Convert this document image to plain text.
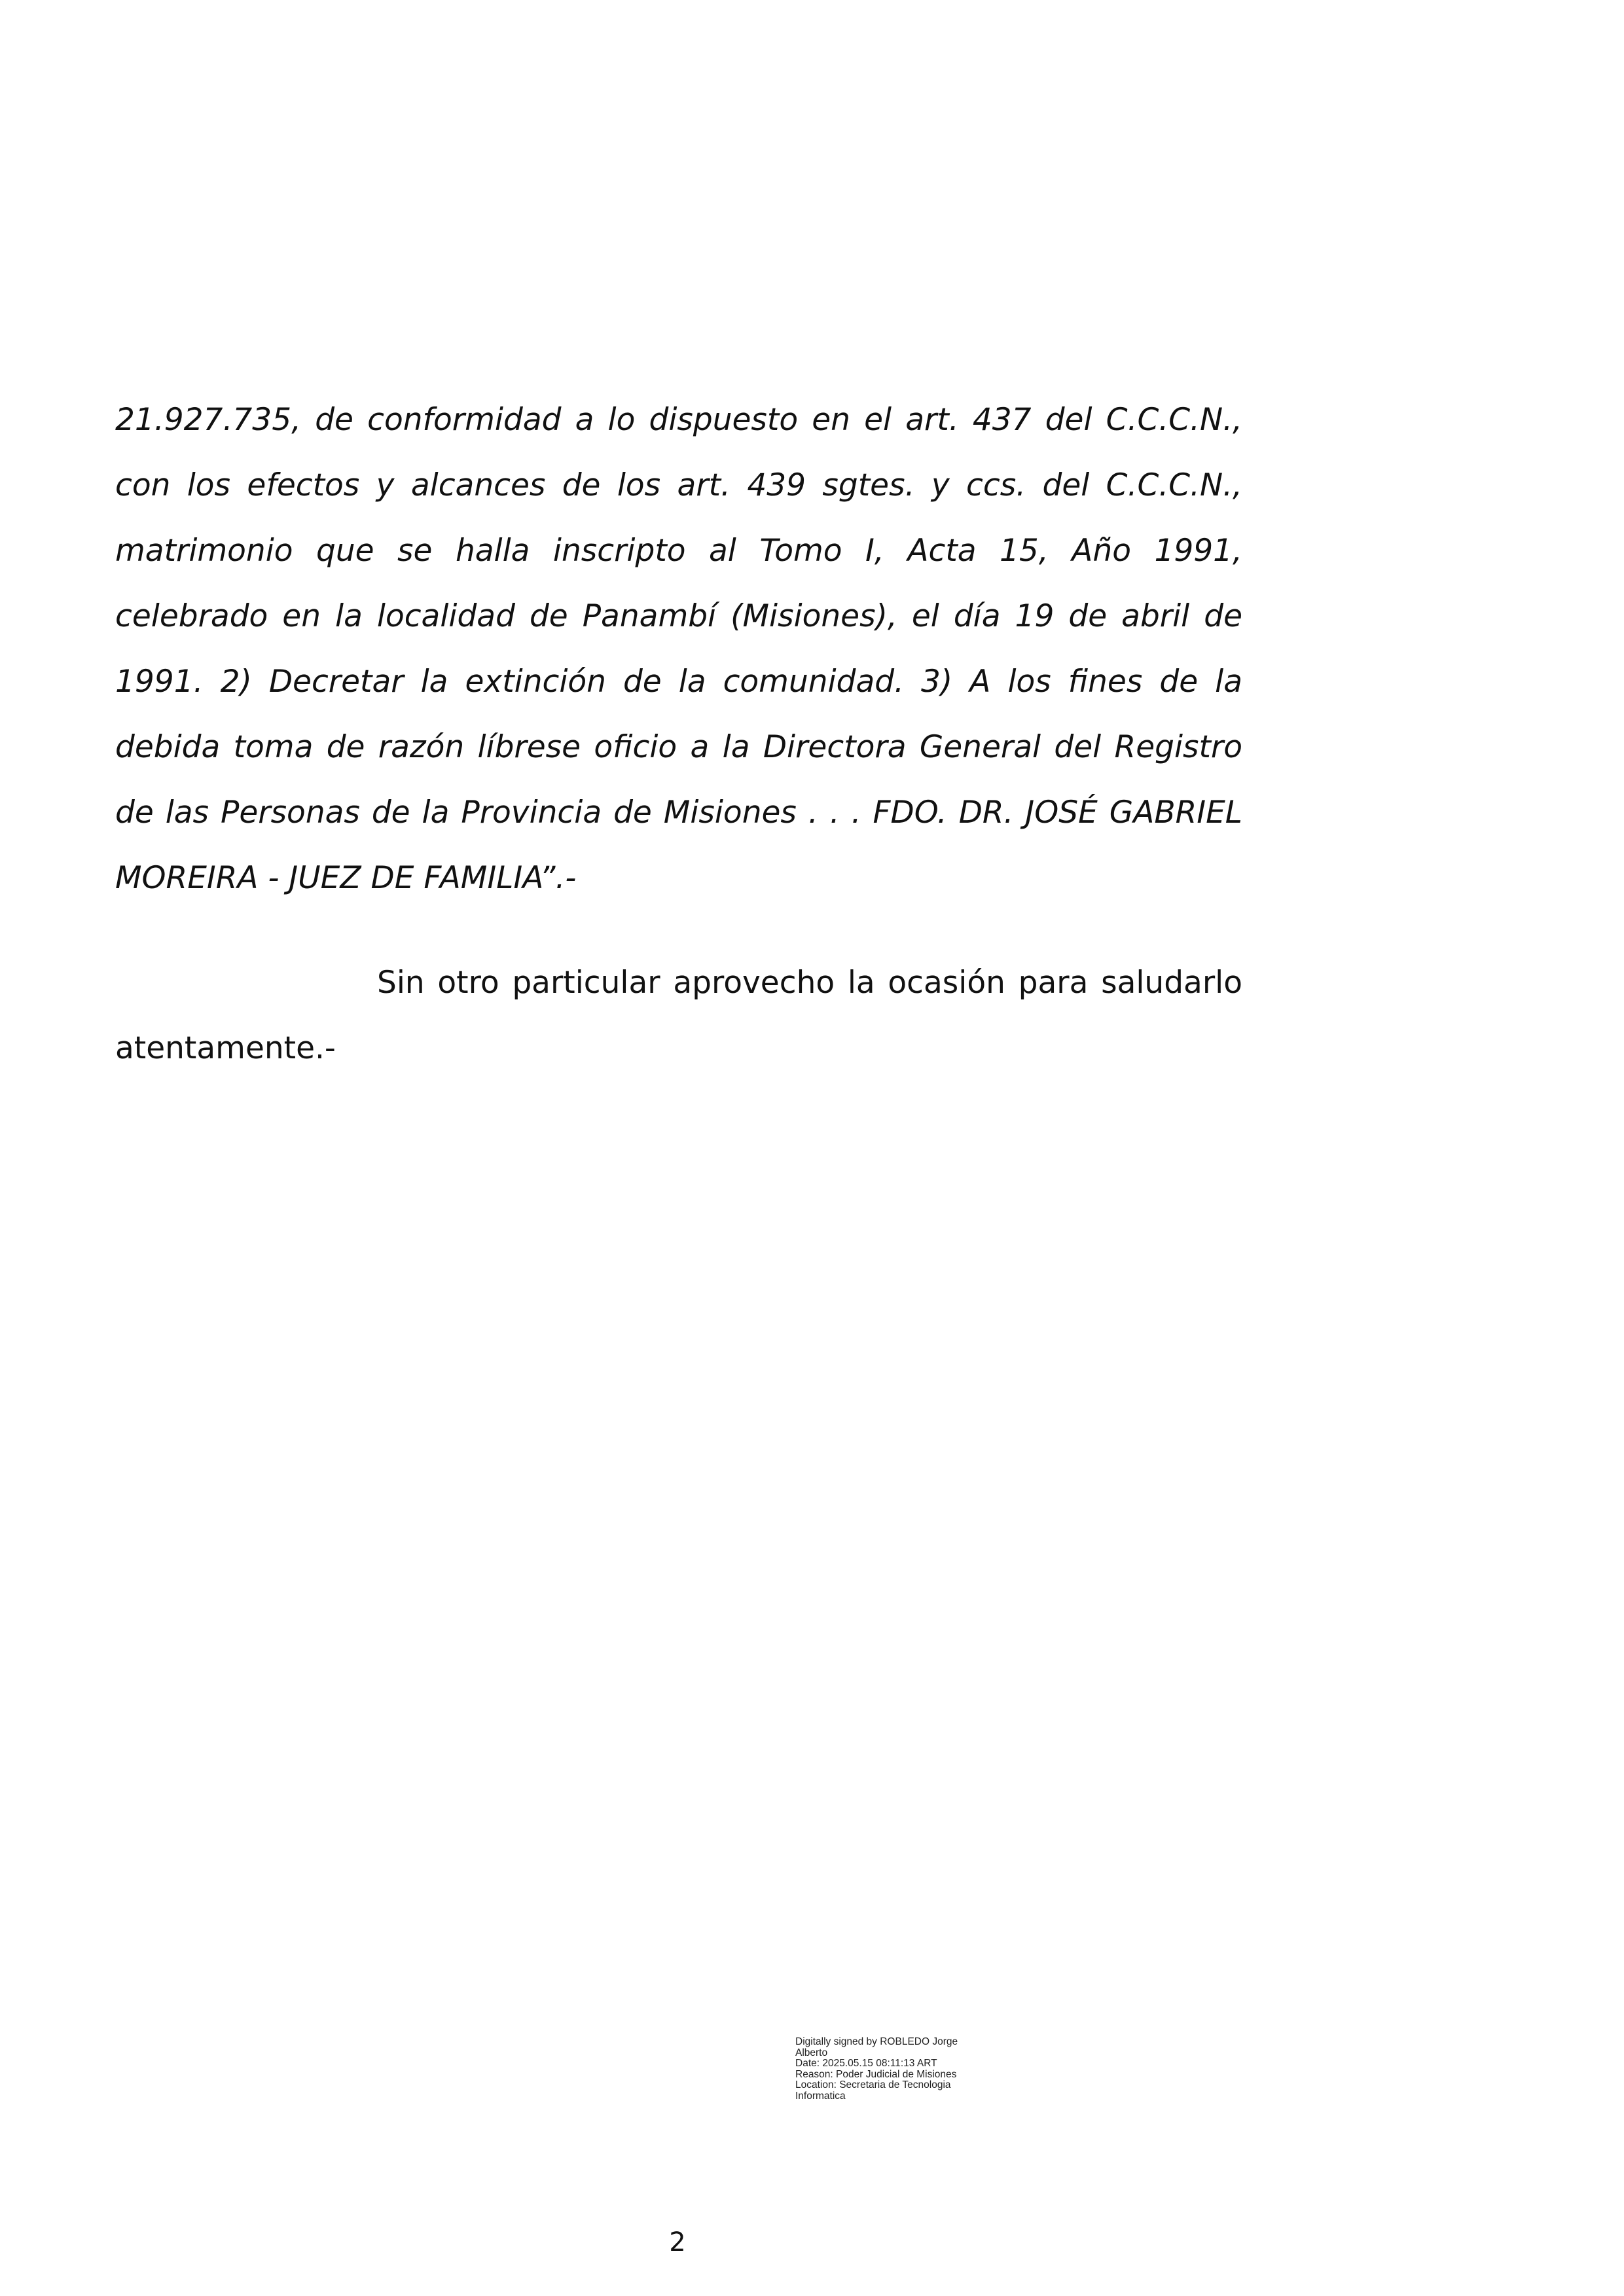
21.927.735, de conformidad a lo dispuesto en el art. 437 del C.C.C.N., con los efectos y alcances de los art. 439 sgtes. y ccs. del C.C.C.N., matrimonio que se halla inscripto al Tomo I, Acta 15, Año 1991, celebrado en la localidad de Panambí (Misiones), el día 19 de abril de 1991. 2) Decretar la extinción de la comunidad. 3) A los fines de la debida toma de razón líbrese oficio a la Directora General del Registro de las Personas de la Provincia de Misiones . . . FDO. DR. JOSÉ GABRIEL MOREIRA - JUEZ DE FAMILIA”.-

Sin otro particular aprovecho la ocasión para saludarlo atentamente.-

Digitally signed by ROBLEDO Jorge
Alberto
Date: 2025.05.15 08:11:13 ART
Reason: Poder Judicial de Misiones
Location: Secretaria de Tecnologia
Informatica
2
